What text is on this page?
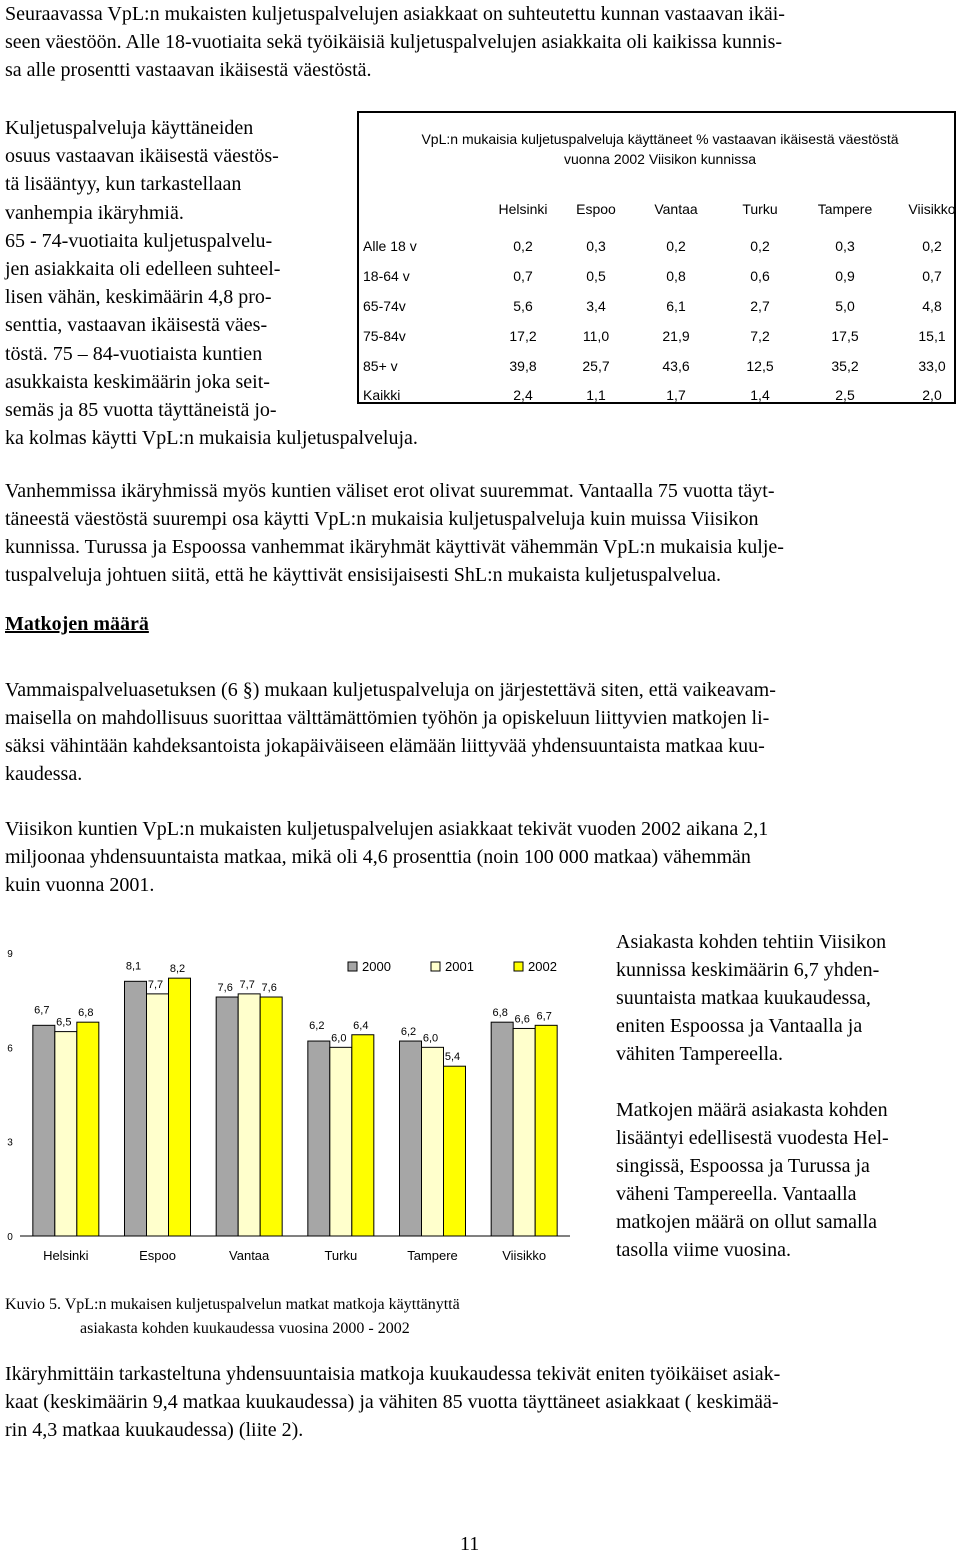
Seuraavassa VpL:n mukaisten kuljetuspalvelujen asiakkaat on suhteutettu kunnan vastaavan ikäi-
seen väestöön. Alle 18-vuotiaita sekä työikäisiä kuljetuspalvelujen asiakkaita oli kaikissa kunnis-
sa alle prosentti vastaavan ikäisestä väestöstä.
Kuljetuspalveluja käyttäneiden
osuus vastaavan ikäisestä väestös-
tä lisääntyy, kun tarkastellaan
vanhempia ikäryhmiä.
65 - 74-vuotiaita kuljetuspalvelu-
jen asiakkaita oli edelleen suhteel-
lisen vähän, keskimäärin 4,8 pro-
senttia, vastaavan ikäisestä väes-
töstä. 75 – 84-vuotiaista kuntien
asukkaista keskimäärin joka seit-
semäs ja 85 vuotta täyttäneistä jo-
ka kolmas käytti VpL:n mukaisia kuljetuspalveluja.
VpL:n mukaisia kuljetuspalveluja käyttäneet % vastaavan ikäisestä väestöstä
vuonna 2002 Viisikon kunnissa
Helsinki	Espoo	Vantaa	Turku	Tampere	Viisikko
Alle 18 v	0,2	0,3	0,2	0,2	0,3	0,2
18-64 v	0,7	0,5	0,8	0,6	0,9	0,7
65-74v	5,6	3,4	6,1	2,7	5,0	4,8
75-84v	17,2	11,0	21,9	7,2	17,5	15,1
85+ v	39,8	25,7	43,6	12,5	35,2	33,0
Kaikki	2,4	1,1	1,7	1,4	2,5	2,0
Vanhemmissa ikäryhmissä myös kuntien väliset erot olivat suuremmat. Vantaalla 75 vuotta täyt-
täneestä väestöstä suurempi osa käytti VpL:n mukaisia kuljetuspalveluja kuin muissa Viisikon
kunnissa. Turussa ja Espoossa vanhemmat ikäryhmät käyttivät vähemmän VpL:n mukaisia kulje-
tuspalveluja johtuen siitä, että he käyttivät ensisijaisesti ShL:n mukaista kuljetuspalvelua.
Matkojen määrä
Vammaispalveluasetuksen (6 §) mukaan kuljetuspalveluja on järjestettävä siten, että vaikeavam-
maisella on mahdollisuus suorittaa välttämättömien työhön ja opiskeluun liittyvien matkojen li-
säksi vähintään kahdeksantoista jokapäiväiseen elämään liittyvää yhdensuuntaista matkaa kuu-
kaudessa.
Viisikon kuntien VpL:n mukaisten kuljetuspalvelujen asiakkaat tekivät vuoden 2002 aikana 2,1
miljoonaa yhdensuuntaista matkaa, mikä oli 4,6 prosenttia (noin 100 000 matkaa) vähemmän
kuin vuonna 2001.
0
3
6
9
6,7
6,5
6,8
Helsinki
8,1
7,7
8,2
Espoo
7,6 7,7 7,6
Vantaa
6,2
6,0
6,4
Turku
6,2
6,0
5,4
Tampere
6,8
6,6 6,7
Viisikko
2000	2001	2002
Asiakasta kohden tehtiin Viisikon
kunnissa keskimäärin 6,7 yhden-
suuntaista matkaa kuukaudessa,
eniten Espoossa ja Vantaalla ja
vähiten Tampereella.
Matkojen määrä asiakasta kohden
lisääntyi edellisestä vuodesta Hel-
singissä, Espoossa ja Turussa ja
väheni Tampereella. Vantaalla
matkojen määrä on ollut samalla
tasolla viime vuosina.
Kuvio 5. VpL:n mukaisen kuljetuspalvelun matkat matkoja käyttänyttä
asiakasta kohden kuukaudessa vuosina 2000 - 2002
Ikäryhmittäin tarkasteltuna yhdensuuntaisia matkoja kuukaudessa tekivät eniten työikäiset asiak-
kaat (keskimäärin 9,4 matkaa kuukaudessa) ja vähiten 85 vuotta täyttäneet asiakkaat ( keskimää-
rin 4,3 matkaa kuukaudessa) (liite 2).
11
